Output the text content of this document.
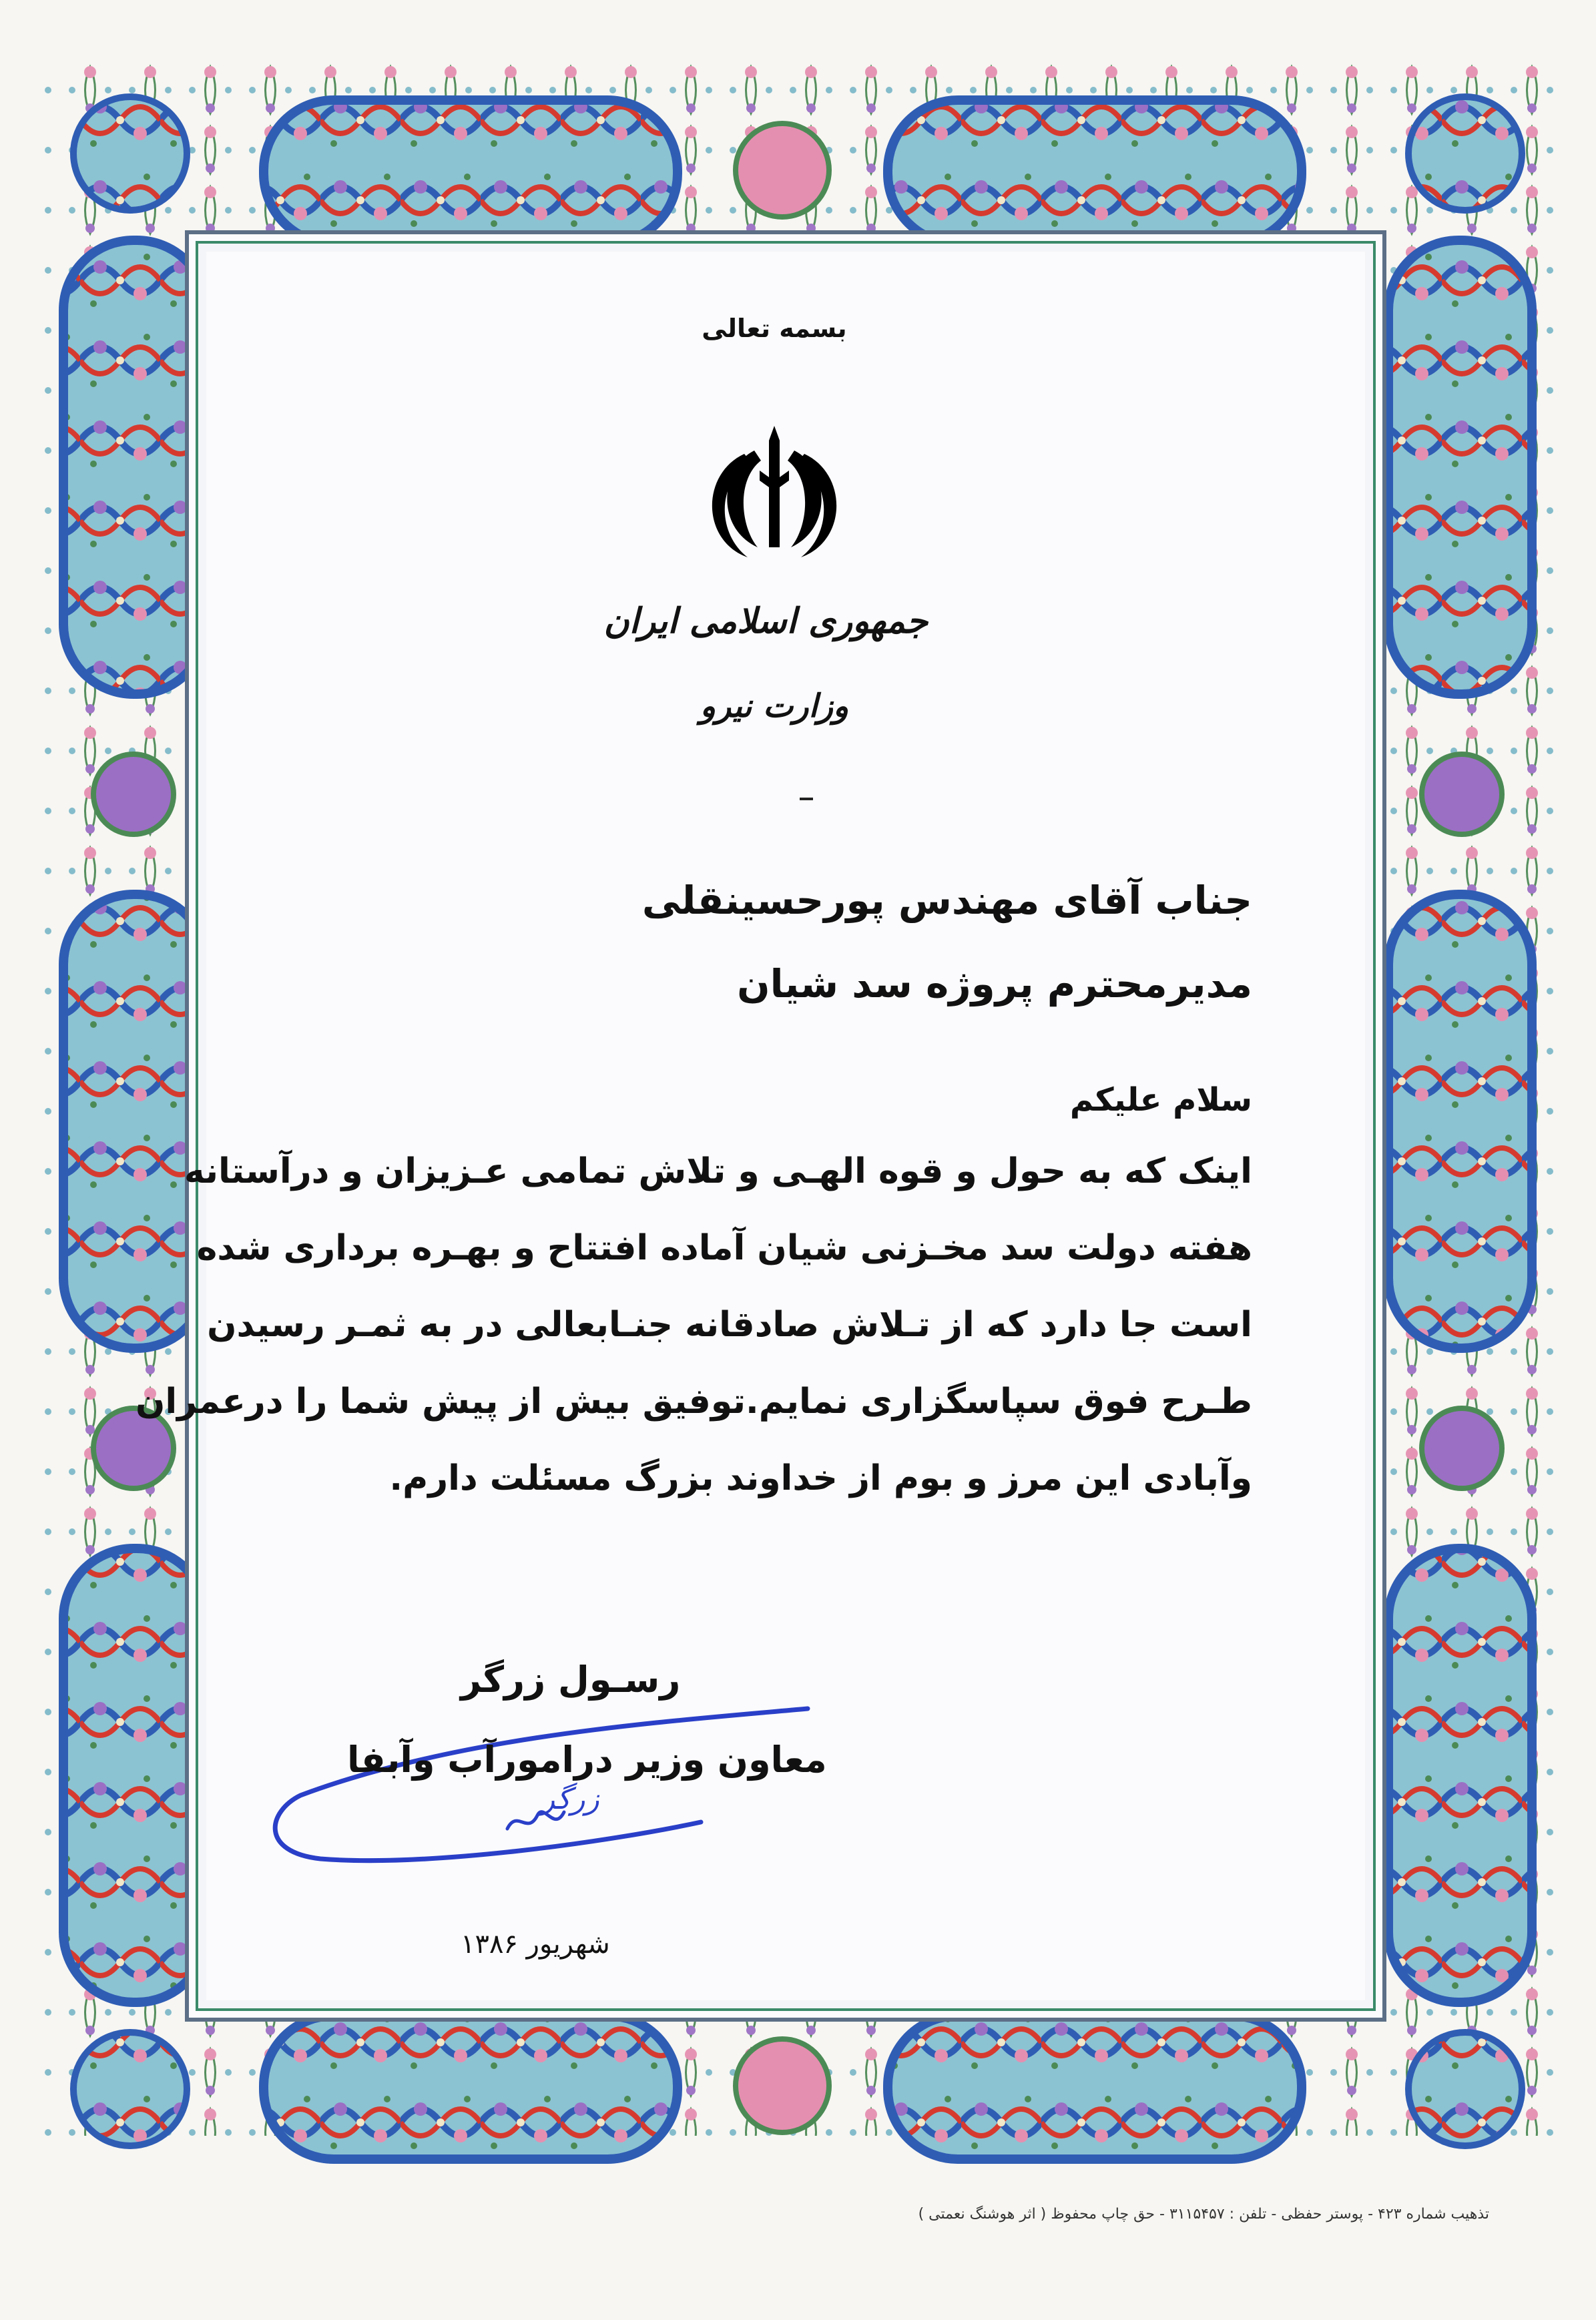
بسمه تعالی
جمهوری اسلامی ایران
وزارت نیرو
جناب آقای مهندس پورحسینقلی
مدیرمحترم پروژه سد شیان
سلام علیکم
اینک که به حول و قوه الهـی و تلاش تمامی عـزیزان و درآستانه
هفته دولت سد مخـزنی شیان آماده افتتاح و بهـره برداری شده
است جا دارد که از تـلاش صادقانه جنـابعالی در به ثمـر رسیدن
طـرح فوق سپاسگزاری نمایم.توفیق بیش از پیش شما را درعمران
وآبادی این مرز و بوم از خداوند بزرگ مسئلت دارم.
زرگر
رسـول زرگر
معاون وزیر درامورآب وآبفا
شهریور ۱۳۸۶
تذهیب شماره ۴۲۳ - پوستر حفظی - تلفن : ۳۱۱۵۴۵۷ - حق چاپ محفوظ ( اثر هوشنگ نعمتی )
